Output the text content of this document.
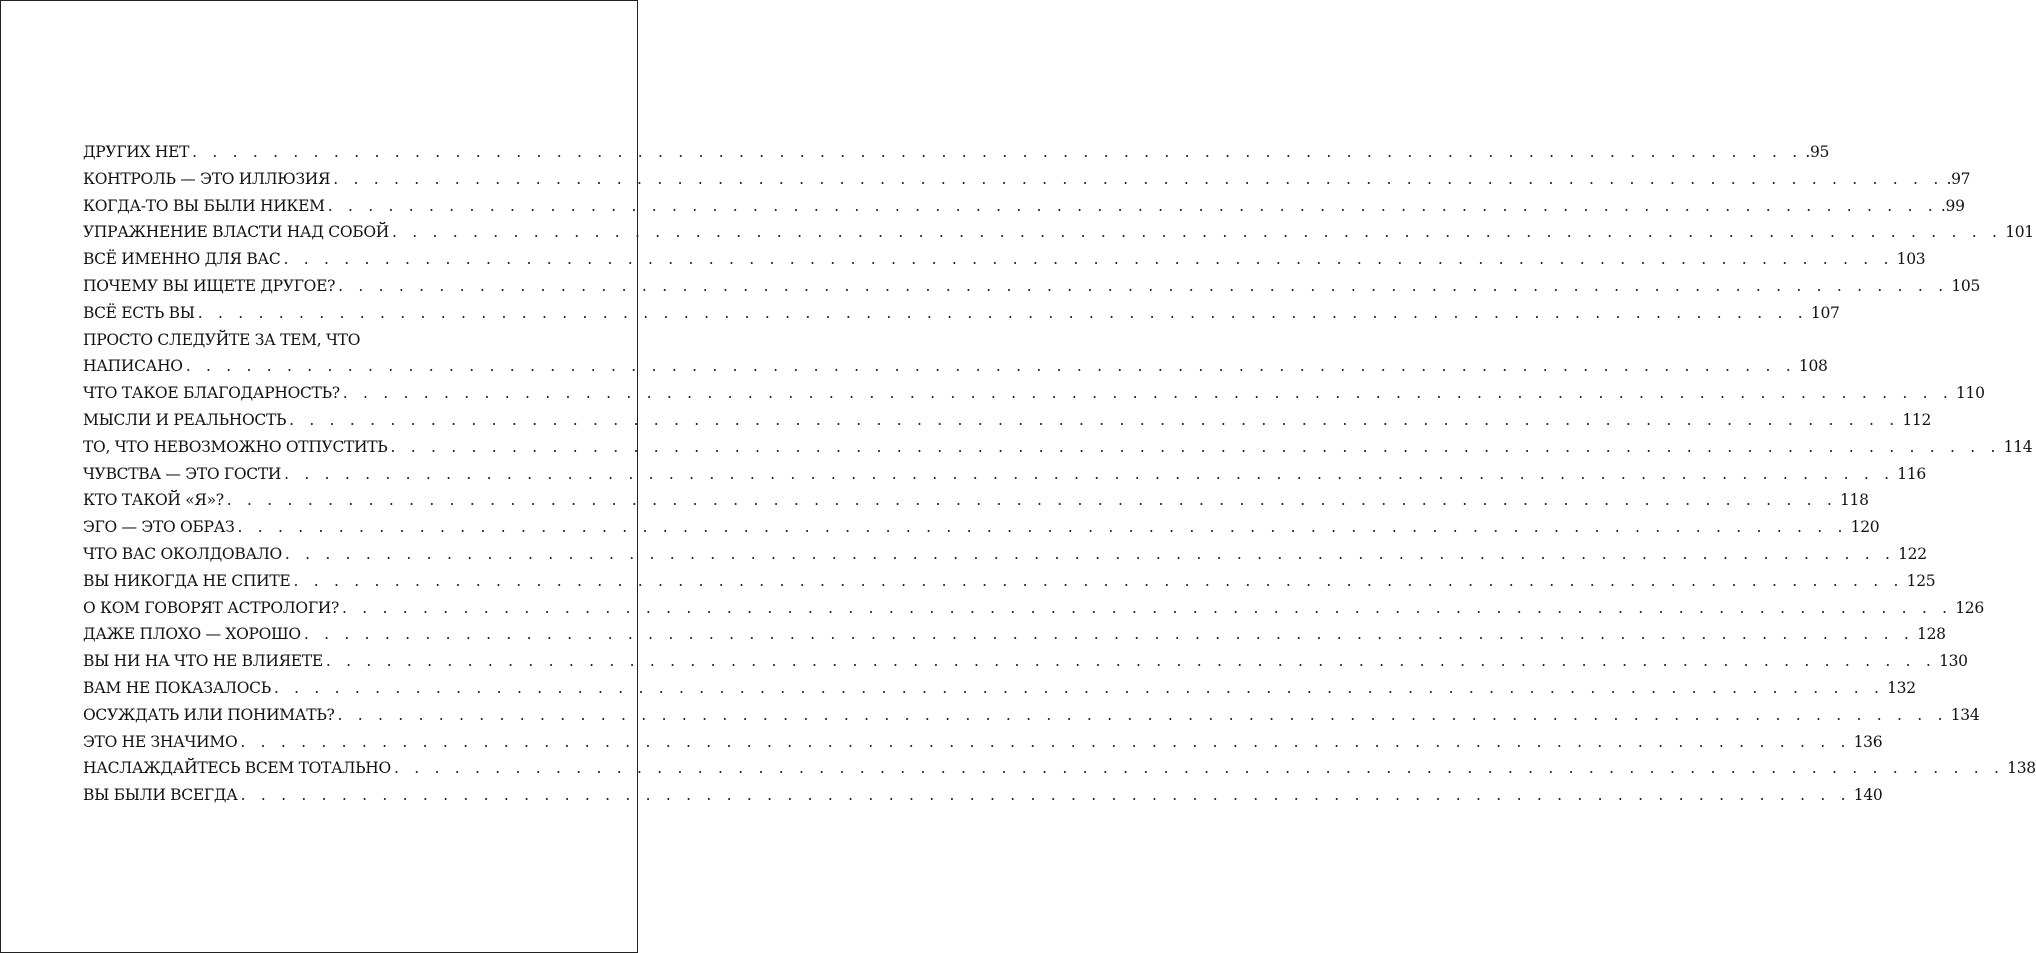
ДРУГИХ НЕТ . . . . . . . . . . . . . . . . . . . . . . . . . . . . . . . . . . . . . . . . . . . . . . . . . . . . . . . . . . . . . . . . . . . . . . . . . . . . . . . . .95
КОНТРОЛЬ — ЭТО ИЛЛЮЗИЯ . . . . . . . . . . . . . . . . . . . . . . . . . . . . . . . . . . . . . . . . . . . . . . . . . . . . . . . . . . . . . . . . . . . . . . . . . . . . . . . . .97
КОГДА-ТО ВЫ БЫЛИ НИКЕМ . . . . . . . . . . . . . . . . . . . . . . . . . . . . . . . . . . . . . . . . . . . . . . . . . . . . . . . . . . . . . . . . . . . . . . . . . . . . . . . . .99
УПРАЖНЕНИЕ ВЛАСТИ НАД СОБОЙ . . . . . . . . . . . . . . . . . . . . . . . . . . . . . . . . . . . . . . . . . . . . . . . . . . . . . . . . . . . . . . . . . . . . . . . . . . . . . . . . 101
ВСЁ ИМЕННО ДЛЯ ВАС . . . . . . . . . . . . . . . . . . . . . . . . . . . . . . . . . . . . . . . . . . . . . . . . . . . . . . . . . . . . . . . . . . . . . . . . . . . . . . . . 103
ПОЧЕМУ ВЫ ИЩЕТЕ ДРУГОЕ? . . . . . . . . . . . . . . . . . . . . . . . . . . . . . . . . . . . . . . . . . . . . . . . . . . . . . . . . . . . . . . . . . . . . . . . . . . . . . . . . 105
ВСЁ ЕСТЬ ВЫ . . . . . . . . . . . . . . . . . . . . . . . . . . . . . . . . . . . . . . . . . . . . . . . . . . . . . . . . . . . . . . . . . . . . . . . . . . . . . . . . 107
ПРОСТО СЛЕДУЙТЕ ЗА ТЕМ, ЧТО
НАПИСАНО . . . . . . . . . . . . . . . . . . . . . . . . . . . . . . . . . . . . . . . . . . . . . . . . . . . . . . . . . . . . . . . . . . . . . . . . . . . . . . . . 108
ЧТО ТАКОЕ БЛАГОДАРНОСТЬ? . . . . . . . . . . . . . . . . . . . . . . . . . . . . . . . . . . . . . . . . . . . . . . . . . . . . . . . . . . . . . . . . . . . . . . . . . . . . . . . . 110
МЫСЛИ И РЕАЛЬНОСТЬ . . . . . . . . . . . . . . . . . . . . . . . . . . . . . . . . . . . . . . . . . . . . . . . . . . . . . . . . . . . . . . . . . . . . . . . . . . . . . . . . 112
ТО, ЧТО НЕВОЗМОЖНО ОТПУСТИТЬ . . . . . . . . . . . . . . . . . . . . . . . . . . . . . . . . . . . . . . . . . . . . . . . . . . . . . . . . . . . . . . . . . . . . . . . . . . . . . . . . 114
ЧУВСТВА — ЭТО ГОСТИ . . . . . . . . . . . . . . . . . . . . . . . . . . . . . . . . . . . . . . . . . . . . . . . . . . . . . . . . . . . . . . . . . . . . . . . . . . . . . . . . 116
КТО ТАКОЙ «Я»? . . . . . . . . . . . . . . . . . . . . . . . . . . . . . . . . . . . . . . . . . . . . . . . . . . . . . . . . . . . . . . . . . . . . . . . . . . . . . . . . 118
ЭГО — ЭТО ОБРАЗ . . . . . . . . . . . . . . . . . . . . . . . . . . . . . . . . . . . . . . . . . . . . . . . . . . . . . . . . . . . . . . . . . . . . . . . . . . . . . . . . 120
ЧТО ВАС ОКОЛДОВАЛО . . . . . . . . . . . . . . . . . . . . . . . . . . . . . . . . . . . . . . . . . . . . . . . . . . . . . . . . . . . . . . . . . . . . . . . . . . . . . . . . 122
ВЫ НИКОГДА НЕ СПИТЕ . . . . . . . . . . . . . . . . . . . . . . . . . . . . . . . . . . . . . . . . . . . . . . . . . . . . . . . . . . . . . . . . . . . . . . . . . . . . . . . . 125
О КОМ ГОВОРЯТ АСТРОЛОГИ? . . . . . . . . . . . . . . . . . . . . . . . . . . . . . . . . . . . . . . . . . . . . . . . . . . . . . . . . . . . . . . . . . . . . . . . . . . . . . . . . 126
ДАЖЕ ПЛОХО — ХОРОШО . . . . . . . . . . . . . . . . . . . . . . . . . . . . . . . . . . . . . . . . . . . . . . . . . . . . . . . . . . . . . . . . . . . . . . . . . . . . . . . . 128
ВЫ НИ НА ЧТО НЕ ВЛИЯЕТЕ . . . . . . . . . . . . . . . . . . . . . . . . . . . . . . . . . . . . . . . . . . . . . . . . . . . . . . . . . . . . . . . . . . . . . . . . . . . . . . . . 130
ВАМ НЕ ПОКАЗАЛОСЬ . . . . . . . . . . . . . . . . . . . . . . . . . . . . . . . . . . . . . . . . . . . . . . . . . . . . . . . . . . . . . . . . . . . . . . . . . . . . . . . . 132
ОСУЖДАТЬ ИЛИ ПОНИМАТЬ? . . . . . . . . . . . . . . . . . . . . . . . . . . . . . . . . . . . . . . . . . . . . . . . . . . . . . . . . . . . . . . . . . . . . . . . . . . . . . . . . 134
ЭТО НЕ ЗНАЧИМО . . . . . . . . . . . . . . . . . . . . . . . . . . . . . . . . . . . . . . . . . . . . . . . . . . . . . . . . . . . . . . . . . . . . . . . . . . . . . . . . 136
НАСЛАЖДАЙТЕСЬ ВСЕМ ТОТАЛЬНО . . . . . . . . . . . . . . . . . . . . . . . . . . . . . . . . . . . . . . . . . . . . . . . . . . . . . . . . . . . . . . . . . . . . . . . . . . . . . . . . 138
ВЫ БЫЛИ ВСЕГДА . . . . . . . . . . . . . . . . . . . . . . . . . . . . . . . . . . . . . . . . . . . . . . . . . . . . . . . . . . . . . . . . . . . . . . . . . . . . . . . . 140
